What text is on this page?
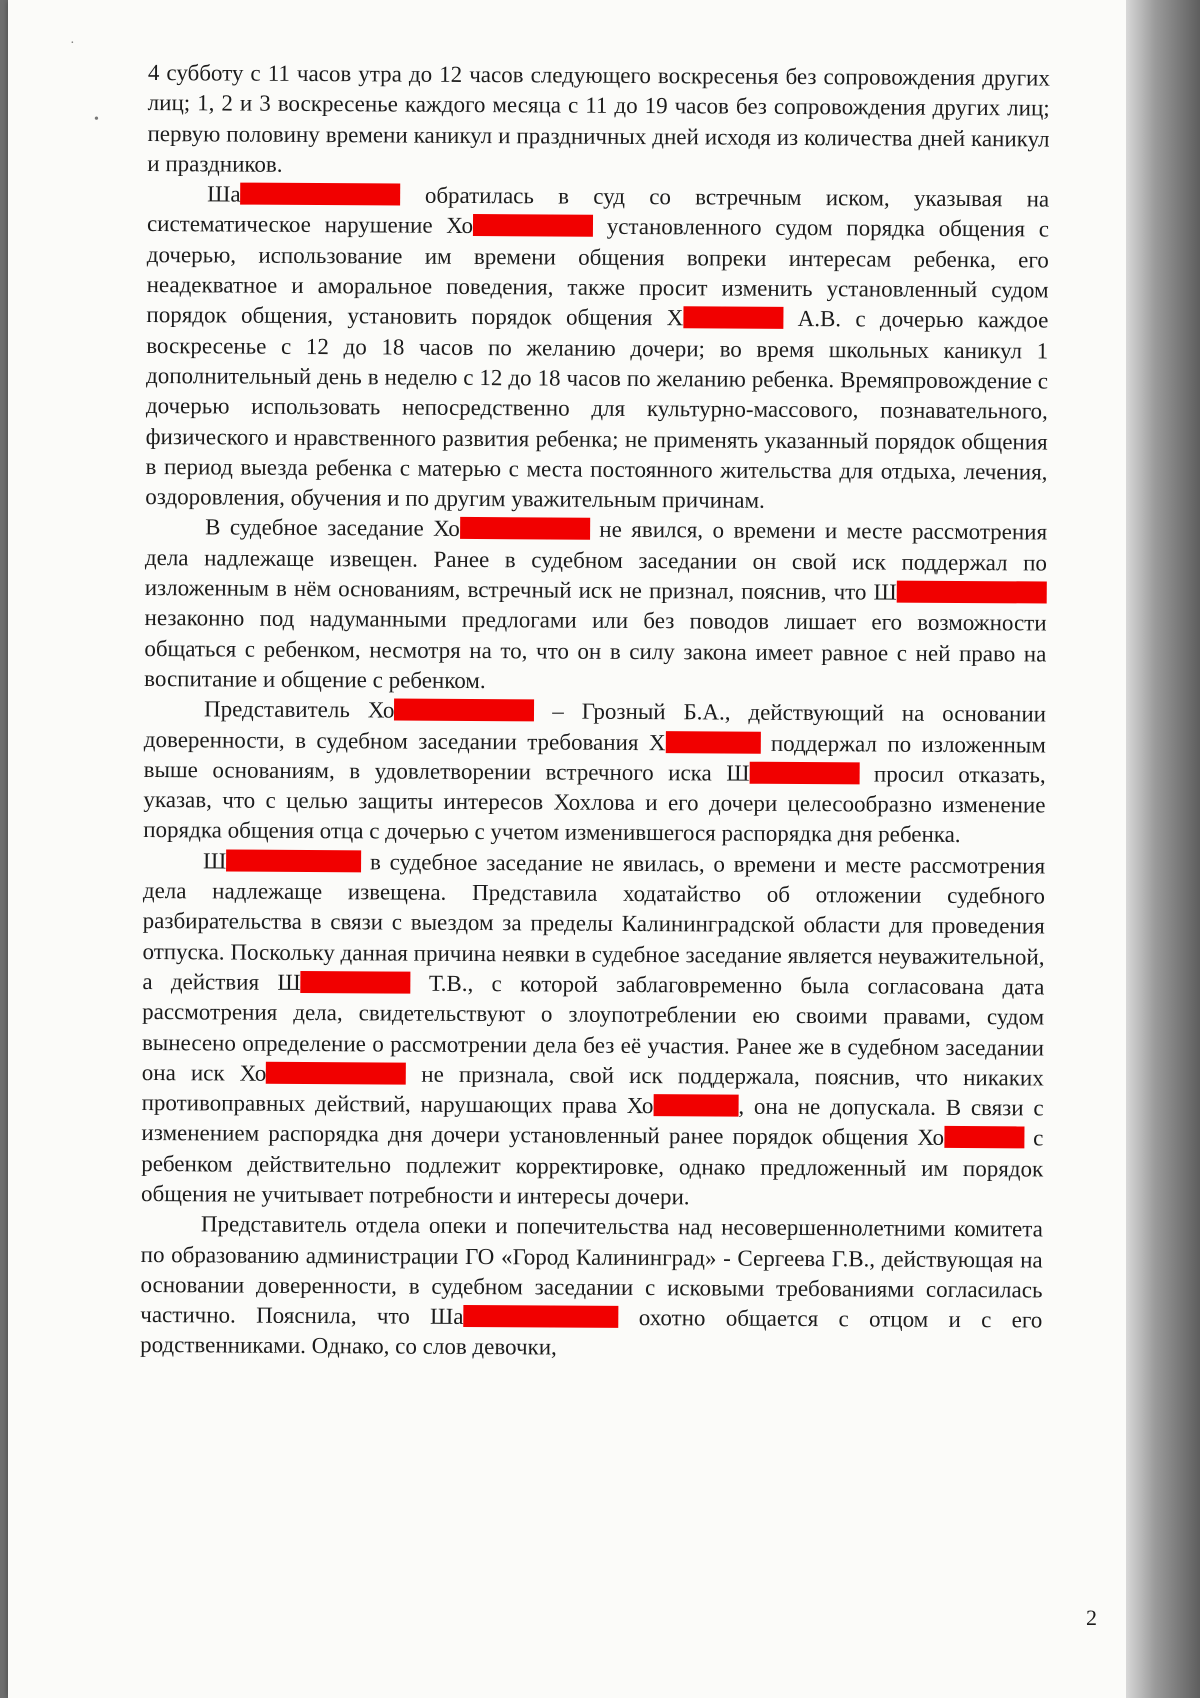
·
•

4 субботу с 11 часов утра до 12 часов следующего воскресенья без сопровождения других лиц; 1, 2 и 3 воскресенье каждого месяца с 11 до 19 часов без сопровождения других лиц; первую половину времени каникул и праздничных дней исходя из количества дней каникул и праздников.

Ша	обратилась в суд со встречным иском, указывая на систематическое нарушение Хо	установленного судом порядка общения с дочерью, использование им времени общения вопреки интересам ребенка, его неадекватное и аморальное поведения, также просит изменить установленный судом порядок общения, установить порядок общения Х	А.В. с дочерью каждое воскресенье с 12 до 18 часов по желанию дочери; во время школьных каникул 1 дополнительный день в неделю с 12 до 18 часов по желанию ребенка. Времяпровождение с дочерью использовать непосредственно для культурно-массового, познавательного, физического и нравственного развития ребенка; не применять указанный порядок общения в период выезда ребенка с матерью с места постоянного жительства для отдыха, лечения, оздоровления, обучения и по другим уважительным причинам.

В судебное заседание Хо	не явился, о времени и месте рассмотрения дела надлежаще извещен. Ранее в судебном заседании он свой иск поддержал по изложенным в нём основаниям, встречный иск не признал, пояснив, что Ш незаконно под надуманными предлогами или без поводов лишает его возможности общаться с ребенком, несмотря на то, что он в силу закона имеет равное с ней право на воспитание и общение с ребенком.

Представитель Хо	– Грозный Б.А., действующий на основании доверенности, в судебном заседании требования Х	поддержал по изложенным выше основаниям, в удовлетворении встречного иска Ш	просил отказать, указав, что с целью защиты интересов Хохлова и его дочери целесообразно изменение порядка общения отца с дочерью с учетом изменившегося распорядка дня ребенка.

Ш	в судебное заседание не явилась, о времени и месте рассмотрения дела надлежаще извещена. Представила ходатайство об отложении судебного разбирательства в связи с выездом за пределы Калининградской области для проведения отпуска. Поскольку данная причина неявки в судебное заседание является неуважительной, а действия Ш	Т.В., с которой заблаговременно была согласована дата рассмотрения дела, свидетельствуют о злоупотреблении ею своими правами, судом вынесено определение о рассмотрении дела без её участия. Ранее же в судебном заседании она иск Хо	не признала, свой иск поддержала, пояснив, что никаких противоправных действий, нарушающих права Хо	, она не допускала. В связи с изменением распорядка дня дочери установленный ранее порядок общения Хо	с ребенком действительно подлежит корректировке, однако предложенный им порядок общения не учитывает потребности и интересы дочери.

Представитель отдела опеки и попечительства над несовершеннолетними комитета по образованию администрации ГО «Город Калининград» - Сергеева Г.В., действующая на основании доверенности, в судебном заседании с исковыми требованиями согласилась частично. Пояснила, что Ша	охотно общается с отцом и с его родственниками. Однако, со слов девочки,

2
